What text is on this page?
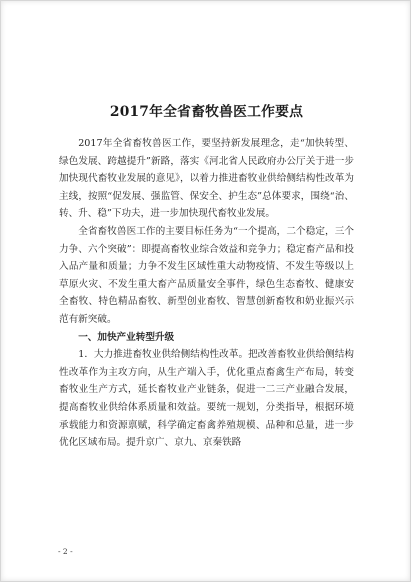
2017年全省畜牧兽医工作要点

2017年全省畜牧兽医工作，要坚持新发展理念，走“加快转型、绿色发展、跨越提升”新路，落实《河北省人民政府办公厅关于进一步加快现代畜牧业发展的意见》，以着力推进畜牧业供给侧结构性改革为主线，按照“促发展、强监管、保安全、护生态”总体要求，围绕“治、转、升、稳”下功夫，进一步加快现代畜牧业发展。

全省畜牧兽医工作的主要目标任务为“一个提高，二个稳定，三个力争、六个突破”：即提高畜牧业综合效益和竞争力；稳定畜产品和投入品产量和质量；力争不发生区域性重大动物疫情、不发生等级以上草原火灾、不发生重大畜产品质量安全事件，绿色生态畜牧、健康安全畜牧、特色精品畜牧、新型创业畜牧、智慧创新畜牧和奶业振兴示范有新突破。

一、加快产业转型升级

1．大力推进畜牧业供给侧结构性改革。把改善畜牧业供给侧结构性改革作为主攻方向，从生产端入手，优化重点畜禽生产布局，转变畜牧业生产方式，延长畜牧业产业链条，促进一二三产业融合发展，提高畜牧业供给体系质量和效益。要统一规划，分类指导，根据环境承载能力和资源禀赋，科学确定畜禽养殖规模、品种和总量，进一步优化区域布局。提升京广、京九、京秦铁路

- 2 -
